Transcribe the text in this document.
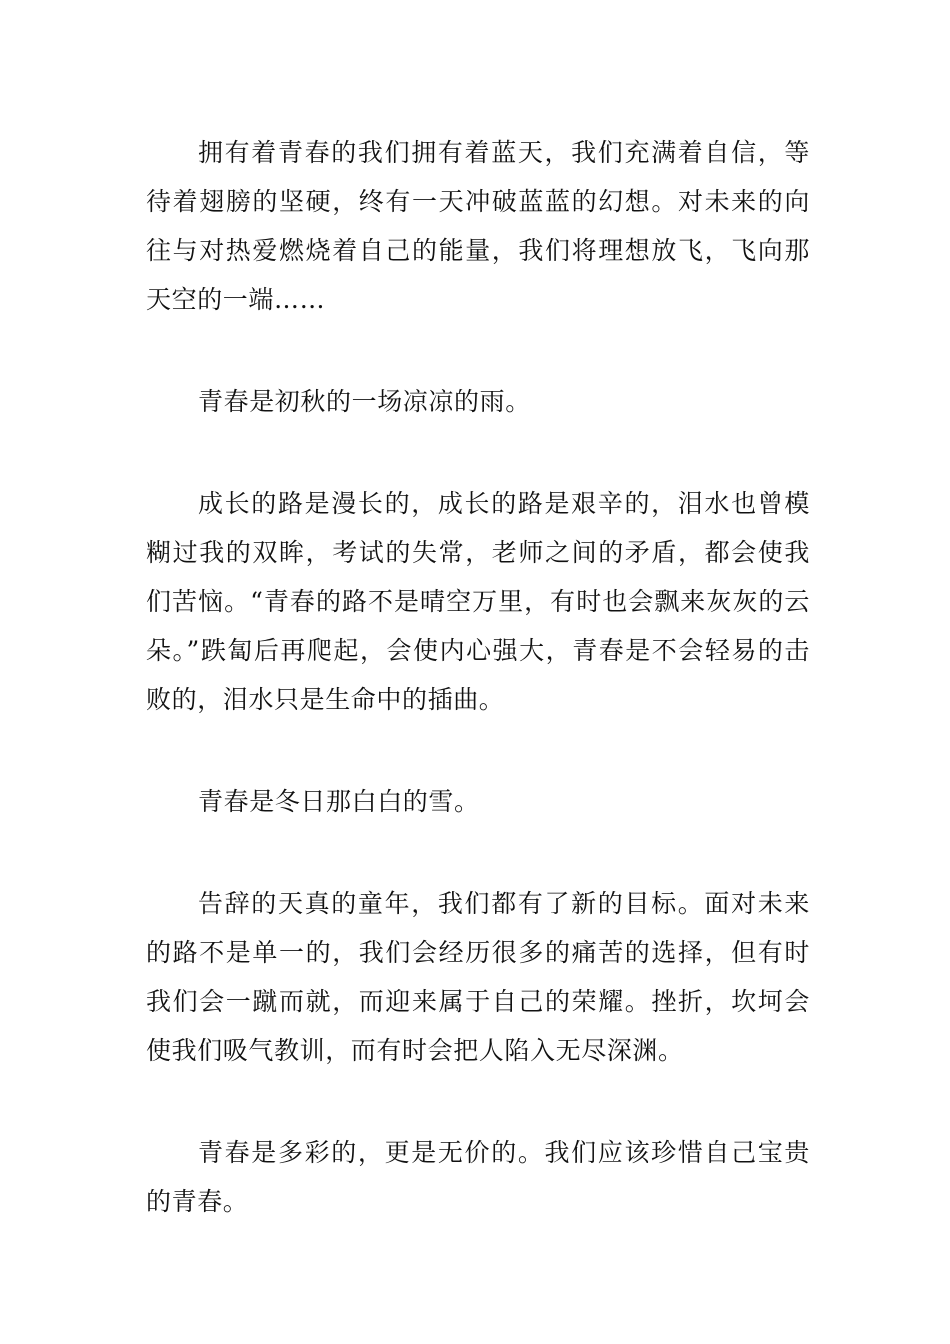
拥有着青春的我们拥有着蓝天，我们充满着自信，等待着翅膀的坚硬，终有一天冲破蓝蓝的幻想。对未来的向往与对热爱燃烧着自己的能量，我们将理想放飞，飞向那天空的一端……

青春是初秋的一场凉凉的雨。

成长的路是漫长的，成长的路是艰辛的，泪水也曾模糊过我的双眸，考试的失常，老师之间的矛盾，都会使我们苦恼。“青春的路不是晴空万里，有时也会飘来灰灰的云朵。”跌匐后再爬起，会使内心强大，青春是不会轻易的击败的，泪水只是生命中的插曲。

青春是冬日那白白的雪。

告辞的天真的童年，我们都有了新的目标。面对未来的路不是单一的，我们会经历很多的痛苦的选择，但有时我们会一蹴而就，而迎来属于自己的荣耀。挫折，坎坷会使我们吸气教训，而有时会把人陷入无尽深渊。

青春是多彩的，更是无价的。我们应该珍惜自己宝贵的青春。
